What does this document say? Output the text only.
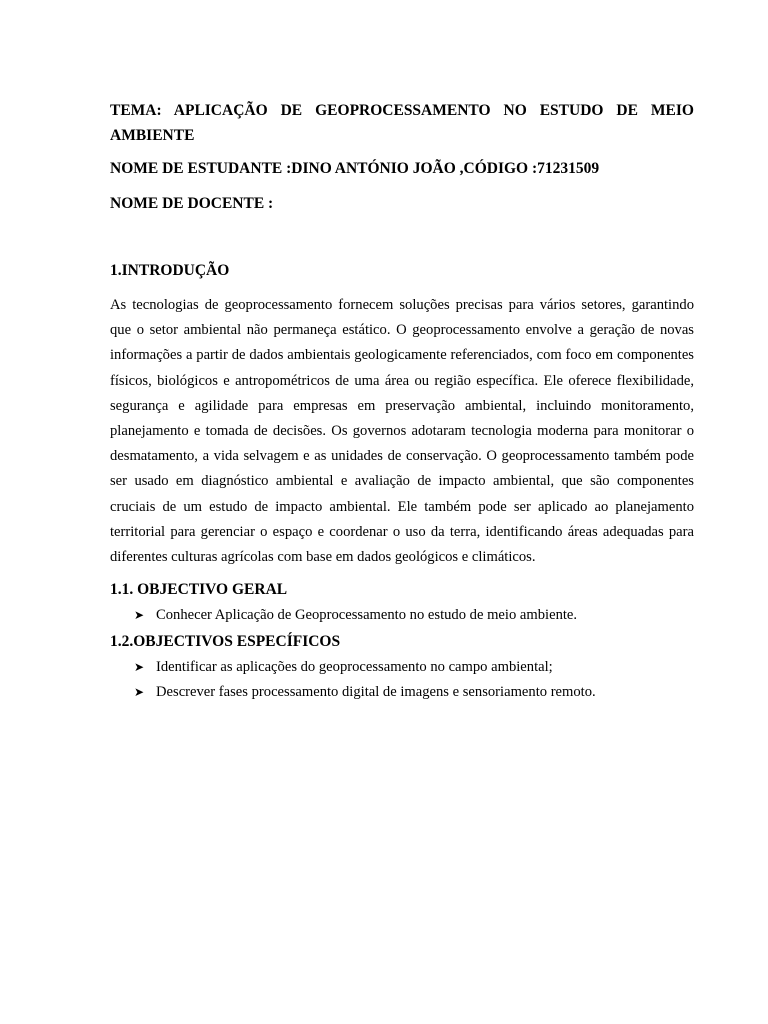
TEMA: APLICAÇÃO DE GEOPROCESSAMENTO NO ESTUDO DE MEIO
AMBIENTE

NOME DE ESTUDANTE :DINO ANTÓNIO JOÃO ,CÓDIGO :71231509

NOME DE DOCENTE :

1.INTRODUÇÃO

As tecnologias de geoprocessamento fornecem soluções precisas para vários setores, garantindo que o setor ambiental não permaneça estático. O geoprocessamento envolve a geração de novas informações a partir de dados ambientais geologicamente referenciados, com foco em componentes físicos, biológicos e antropométricos de uma área ou região específica. Ele oferece flexibilidade, segurança e agilidade para empresas em preservação ambiental, incluindo monitoramento, planejamento e tomada de decisões. Os governos adotaram tecnologia moderna para monitorar o desmatamento, a vida selvagem e as unidades de conservação. O geoprocessamento também pode ser usado em diagnóstico ambiental e avaliação de impacto ambiental, que são componentes cruciais de um estudo de impacto ambiental. Ele também pode ser aplicado ao planejamento territorial para gerenciar o espaço e coordenar o uso da terra, identificando áreas adequadas para diferentes culturas agrícolas com base em dados geológicos e climáticos.

1.1. OBJECTIVO GERAL
➤ Conhecer Aplicação de Geoprocessamento no estudo de meio ambiente.
1.2.OBJECTIVOS ESPECÍFICOS
➤ Identificar as aplicações do geoprocessamento no campo ambiental;
➤ Descrever fases processamento digital de imagens e sensoriamento remoto.
